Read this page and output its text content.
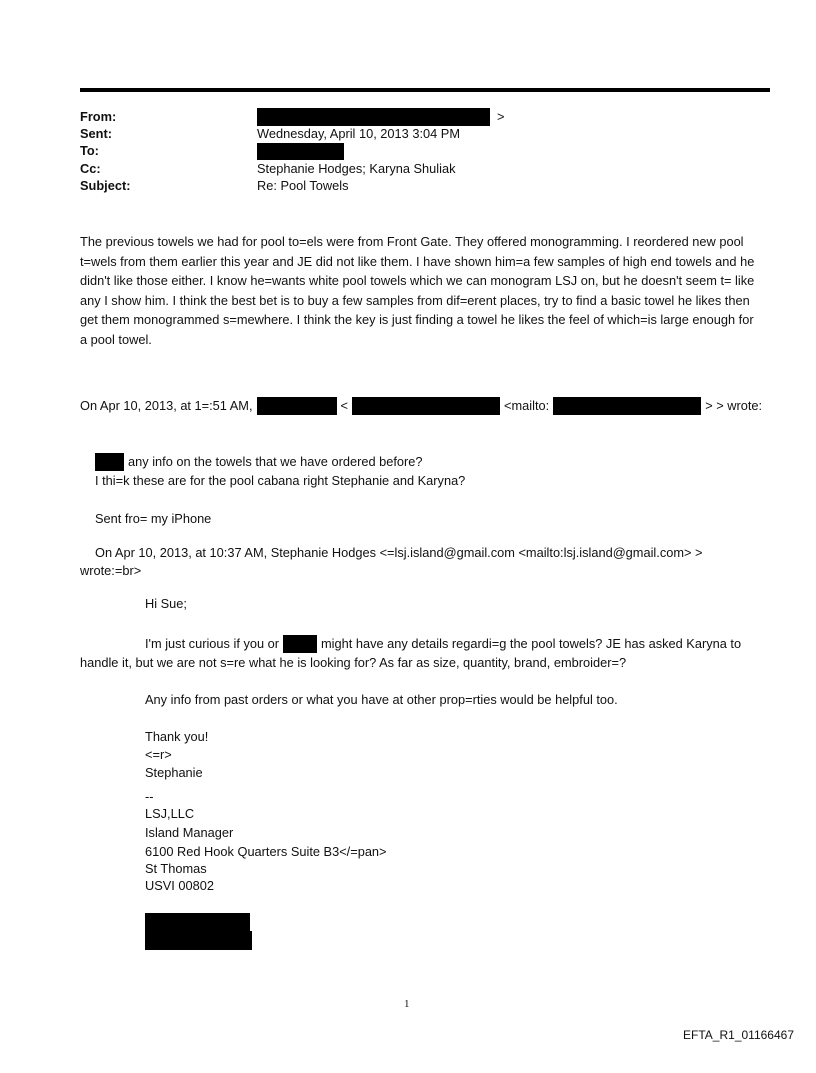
From:	>
Sent:	Wednesday, April 10, 2013 3:04 PM
To:
Cc:	Stephanie Hodges; Karyna Shuliak
Subject:	Re: Pool Towels
The previous towels we had for pool to=els were from Front Gate. They offered monogramming. I reordered new pool
t=wels from them earlier this year and JE did not like them. I have shown him=a few samples of high end towels and he
didn't like those either. I know he=wants white pool towels which we can monogram LSJ on, but he doesn't seem t= like
any I show him. I think the best bet is to buy a few samples from dif=erent places, try to find a basic towel he likes then
get them monogrammed s=mewhere. I think the key is just finding a towel he likes the feel of which=is large enough for
a pool towel.
On Apr 10, 2013, at 1=:51 AM,	<	<mailto:	> > wrote:
any info on the towels that we have ordered before?
I thi=k these are for the pool cabana right Stephanie and Karyna?
Sent fro= my iPhone
On Apr 10, 2013, at 10:37 AM, Stephanie Hodges <=lsj.island@gmail.com <mailto:lsj.island@gmail.com> >
wrote:=br>
Hi Sue;
I'm just curious if you or	might have any details regardi=g the pool towels? JE has asked Karyna to
handle it, but we are not s=re what he is looking for? As far as size, quantity, brand, embroider=?
Any info from past orders or what you have at other prop=rties would be helpful too.
Thank you!
<=r>
Stephanie
--
LSJ,LLC
Island Manager
6100 Red Hook Quarters Suite B3</=pan>
St Thomas
USVI 00802
1
EFTA_R1_01166467
